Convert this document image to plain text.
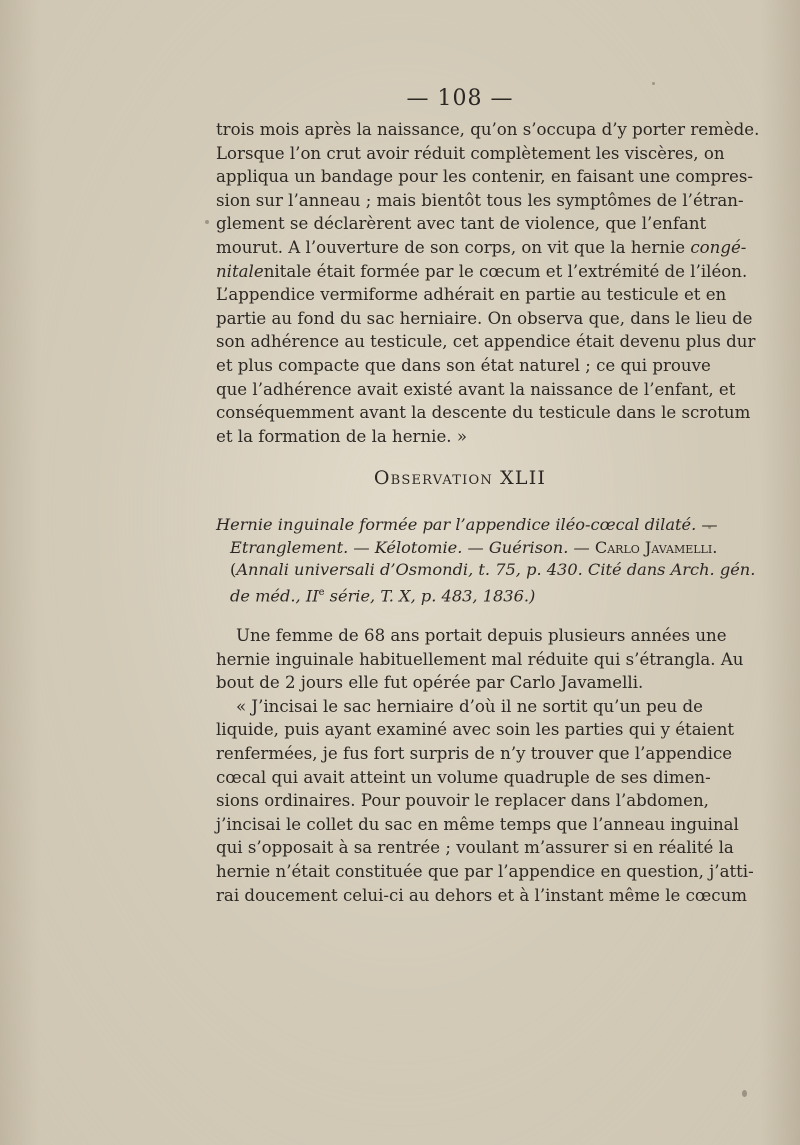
— 108 —
trois mois après la naissance, qu’on s’occupa d’y porter remède.
Lorsque l’on crut avoir réduit complètement les viscères, on
appliqua un bandage pour les contenir, en faisant une compres-
sion sur l’anneau ; mais bientôt tous les symptômes de l’étran-
glement se déclarèrent avec tant de violence, que l’enfant
mourut. A l’ouverture de son corps, on vit que la hernie congé-
nitalenitale était formée par le cœcum et l’extrémité de l’iléon.
L’appendice vermiforme adhérait en partie au testicule et en
partie au fond du sac herniaire. On observa que, dans le lieu de
son adhérence au testicule, cet appendice était devenu plus dur
et plus compacte que dans son état naturel ; ce qui prouve
que l’adhérence avait existé avant la naissance de l’enfant, et
conséquemment avant la descente du testicule dans le scrotum
et la formation de la hernie. »
Observation XLII
Hernie inguinale formée par l’appendice iléo-cœcal dilaté. —
Etranglement. — Kélotomie. — Guérison. — Carlo Javamelli.
(Annali universali d’Osmondi, t. 75, p. 430. Cité dans Arch. gén.
de méd., IIe série, T. X, p. 483, 1836.)
Une femme de 68 ans portait depuis plusieurs années une
hernie inguinale habituellement mal réduite qui s’étrangla. Au
bout de 2 jours elle fut opérée par Carlo Javamelli.
« J’incisai le sac herniaire d’où il ne sortit qu’un peu de
liquide, puis ayant examiné avec soin les parties qui y étaient
renfermées, je fus fort surpris de n’y trouver que l’appendice
cœcal qui avait atteint un volume quadruple de ses dimen-
sions ordinaires. Pour pouvoir le replacer dans l’abdomen,
j’incisai le collet du sac en même temps que l’anneau inguinal
qui s’opposait à sa rentrée ; voulant m’assurer si en réalité la
hernie n’était constituée que par l’appendice en question, j’atti-
rai doucement celui-ci au dehors et à l’instant même le cœcum
